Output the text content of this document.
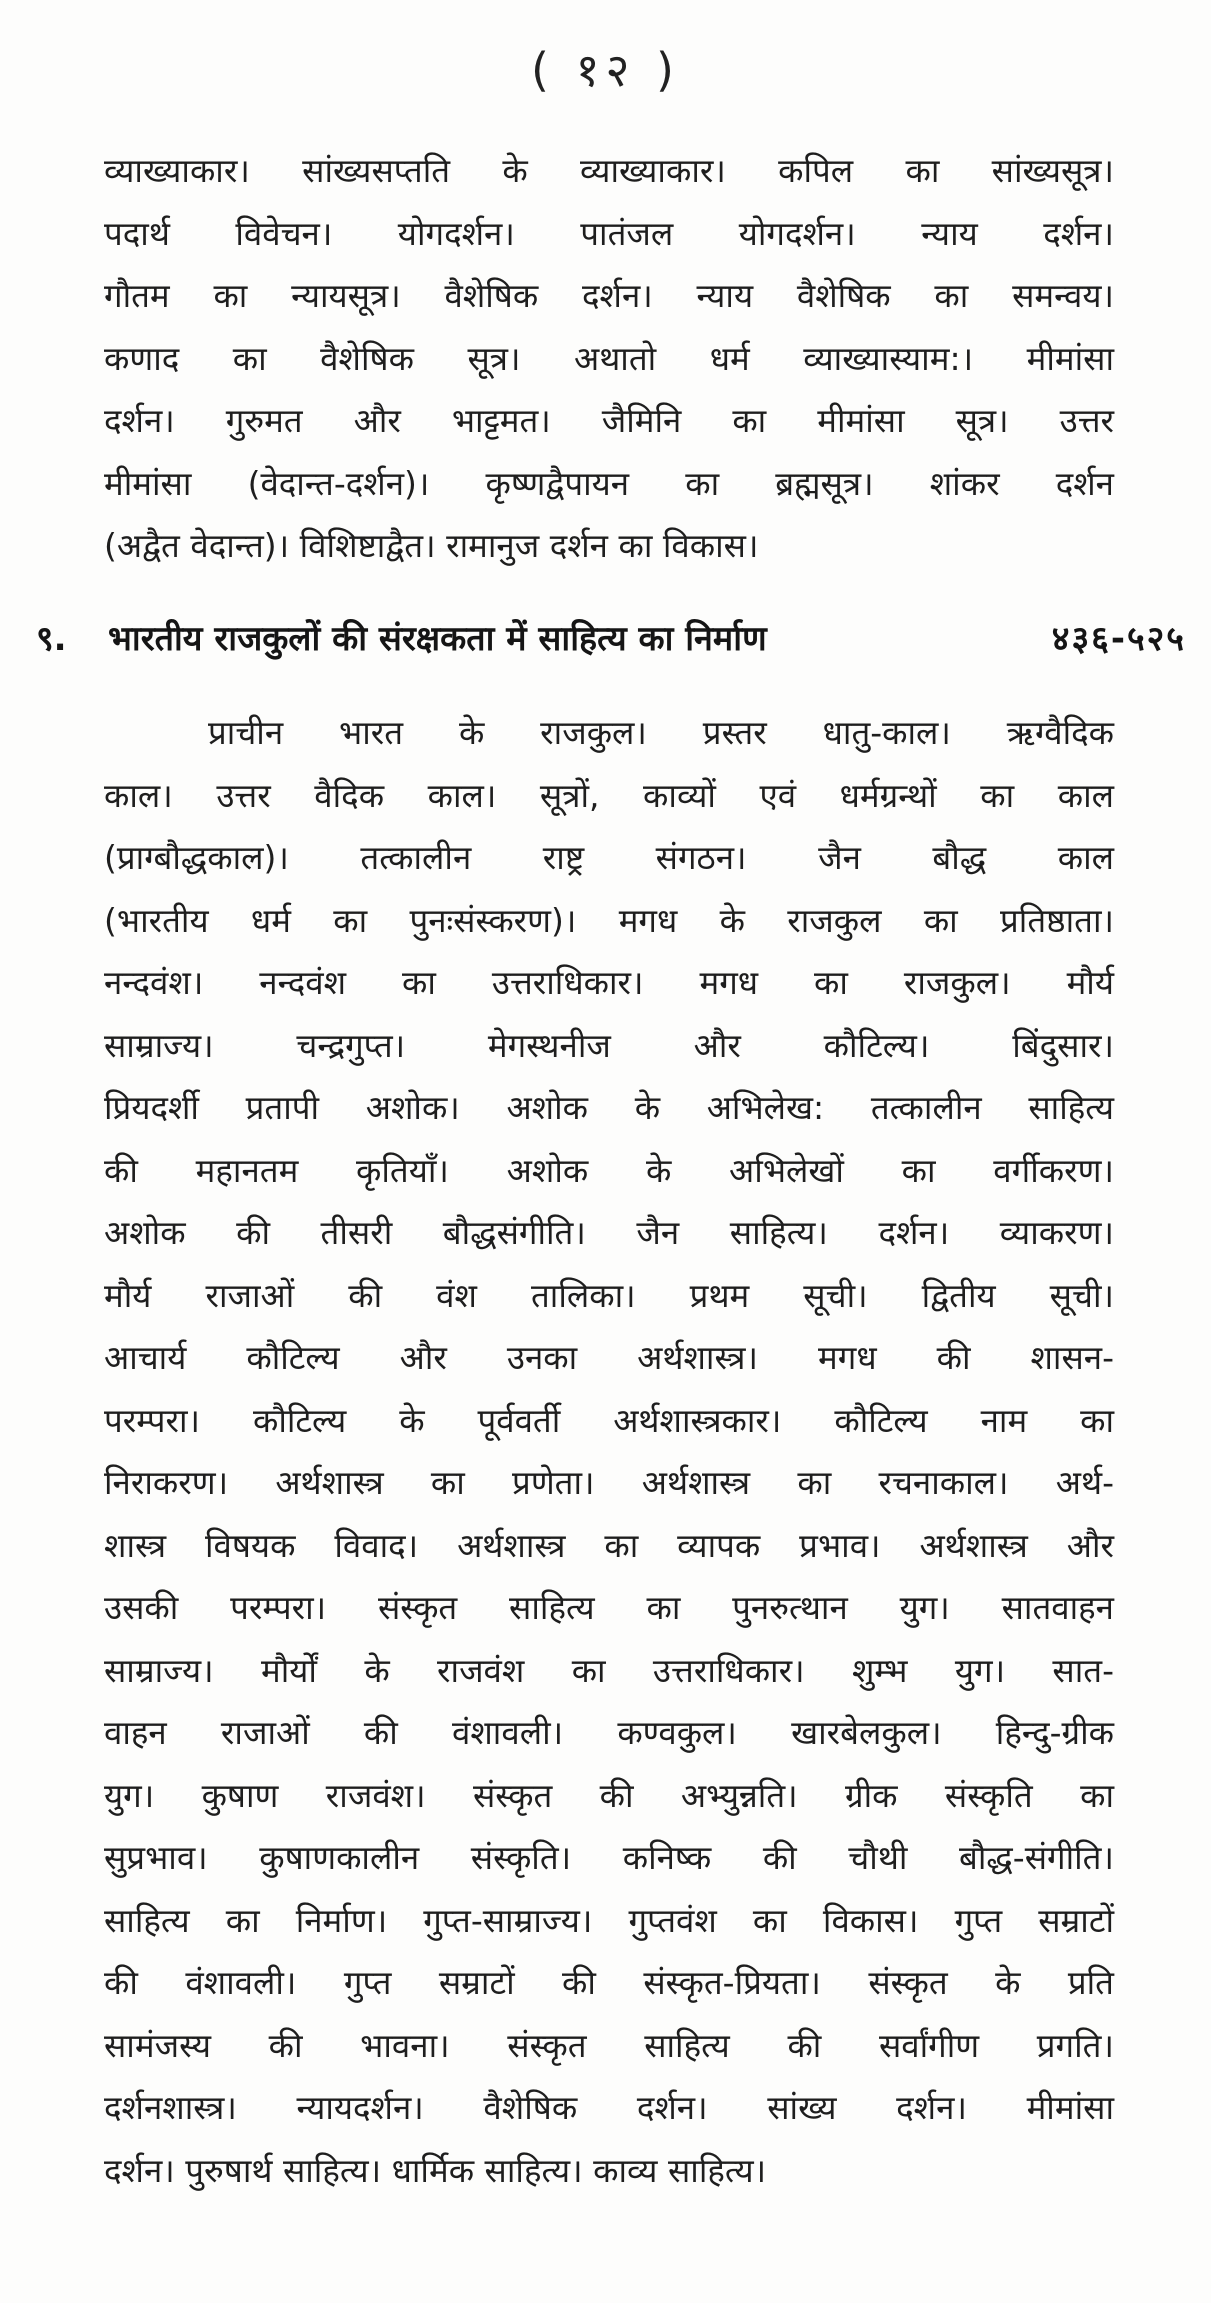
( १२ )
व्याख्याकार। सांख्यसप्तति के व्याख्याकार। कपिल का सांख्यसूत्र।
पदार्थ विवेचन। योगदर्शन। पातंजल योगदर्शन। न्याय दर्शन।
गौतम का न्यायसूत्र। वैशेषिक दर्शन। न्याय वैशेषिक का समन्वय।
कणाद का वैशेषिक सूत्र। अथातो धर्म व्याख्यास्याम:। मीमांसा
दर्शन। गुरुमत और भाट्टमत। जैमिनि का मीमांसा सूत्र। उत्तर
मीमांसा (वेदान्त-दर्शन)। कृष्णद्वैपायन का ब्रह्मसूत्र। शांकर दर्शन
(अद्वैत वेदान्त)। विशिष्टाद्वैत। रामानुज दर्शन का विकास।
९. भारतीय राजकुलों की संरक्षकता में साहित्य का निर्माण	४३६-५२५
प्राचीन भारत के राजकुल। प्रस्तर धातु-काल। ऋग्वैदिक
काल। उत्तर वैदिक काल। सूत्रों, काव्यों एवं धर्मग्रन्थों का काल
(प्राग्बौद्धकाल)। तत्कालीन राष्ट्र संगठन। जैन बौद्ध काल
(भारतीय धर्म का पुनःसंस्करण)। मगध के राजकुल का प्रतिष्ठाता।
नन्दवंश। नन्दवंश का उत्तराधिकार। मगध का राजकुल। मौर्य
साम्राज्य। चन्द्रगुप्त। मेगस्थनीज और कौटिल्य। बिंदुसार।
प्रियदर्शी प्रतापी अशोक। अशोक के अभिलेख: तत्कालीन साहित्य
की महानतम कृतियाँ। अशोक के अभिलेखों का वर्गीकरण।
अशोक की तीसरी बौद्धसंगीति। जैन साहित्य। दर्शन। व्याकरण।
मौर्य राजाओं की वंश तालिका। प्रथम सूची। द्वितीय सूची।
आचार्य कौटिल्य और उनका अर्थशास्त्र। मगध की शासन-
परम्परा। कौटिल्य के पूर्ववर्ती अर्थशास्त्रकार। कौटिल्य नाम का
निराकरण। अर्थशास्त्र का प्रणेता। अर्थशास्त्र का रचनाकाल। अर्थ-
शास्त्र विषयक विवाद। अर्थशास्त्र का व्यापक प्रभाव। अर्थशास्त्र और
उसकी परम्परा। संस्कृत साहित्य का पुनरुत्थान युग। सातवाहन
साम्राज्य। मौर्यों के राजवंश का उत्तराधिकार। शुम्भ युग। सात-
वाहन राजाओं की वंशावली। कण्वकुल। खारबेलकुल। हिन्दु-ग्रीक
युग। कुषाण राजवंश। संस्कृत की अभ्युन्नति। ग्रीक संस्कृति का
सुप्रभाव। कुषाणकालीन संस्कृति। कनिष्क की चौथी बौद्ध-संगीति।
साहित्य का निर्माण। गुप्त-साम्राज्य। गुप्तवंश का विकास। गुप्त सम्राटों
की वंशावली। गुप्त सम्राटों की संस्कृत-प्रियता। संस्कृत के प्रति
सामंजस्य की भावना। संस्कृत साहित्य की सर्वांगीण प्रगति।
दर्शनशास्त्र। न्यायदर्शन। वैशेषिक दर्शन। सांख्य दर्शन। मीमांसा
दर्शन। पुरुषार्थ साहित्य। धार्मिक साहित्य। काव्य साहित्य।
